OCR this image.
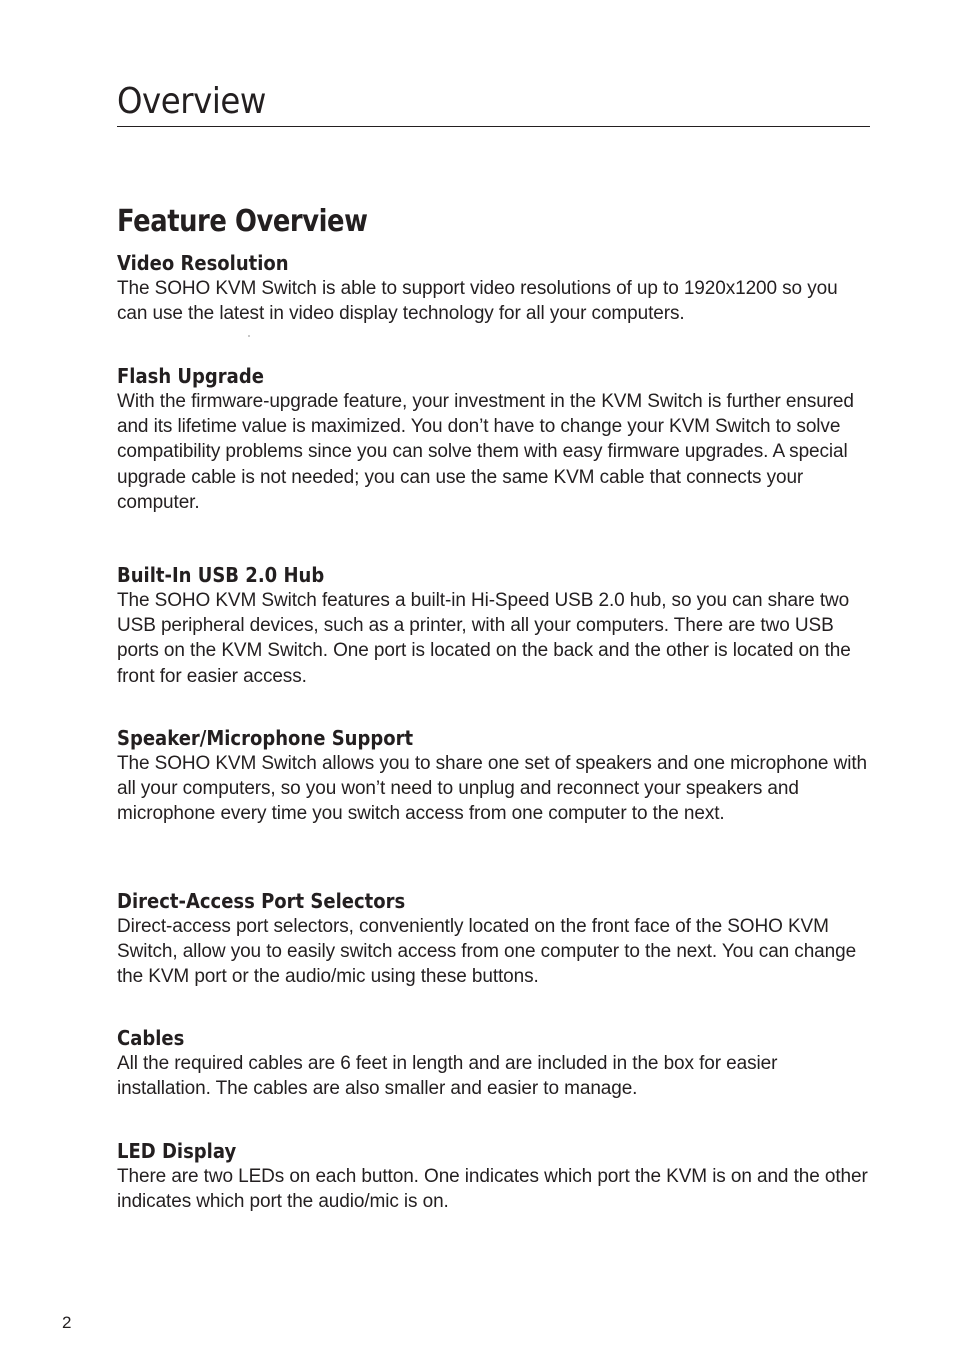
Overview
Feature Overview
Video Resolution

The SOHO KVM Switch is able to support video resolutions of up to 1920x1200 so you can use the latest in video display technology for all your computers.

Flash Upgrade

With the firmware-upgrade feature, your investment in the KVM Switch is further ensured and its lifetime value is maximized. You don’t have to change your KVM Switch to solve compatibility problems since you can solve them with easy firmware upgrades. A special upgrade cable is not needed; you can use the same KVM cable that connects your computer.

Built-In USB 2.0 Hub

The SOHO KVM Switch features a built-in Hi-Speed USB 2.0 hub, so you can share two USB peripheral devices, such as a printer, with all your computers. There are two USB ports on the KVM Switch. One port is located on the back and the other is located on the front for easier access.

Speaker/Microphone Support

The SOHO KVM Switch allows you to share one set of speakers and one microphone with all your computers, so you won’t need to unplug and reconnect your speakers and microphone every time you switch access from one computer to the next.

Direct-Access Port Selectors

Direct-access port selectors, conveniently located on the front face of the SOHO KVM Switch, allow you to easily switch access from one computer to the next. You can change the KVM port or the audio/mic using these buttons.

Cables

All the required cables are 6 feet in length and are included in the box for easier installation. The cables are also smaller and easier to manage.

LED Display

There are two LEDs on each button. One indicates which port the KVM is on and the other indicates which port the audio/mic is on.

2
